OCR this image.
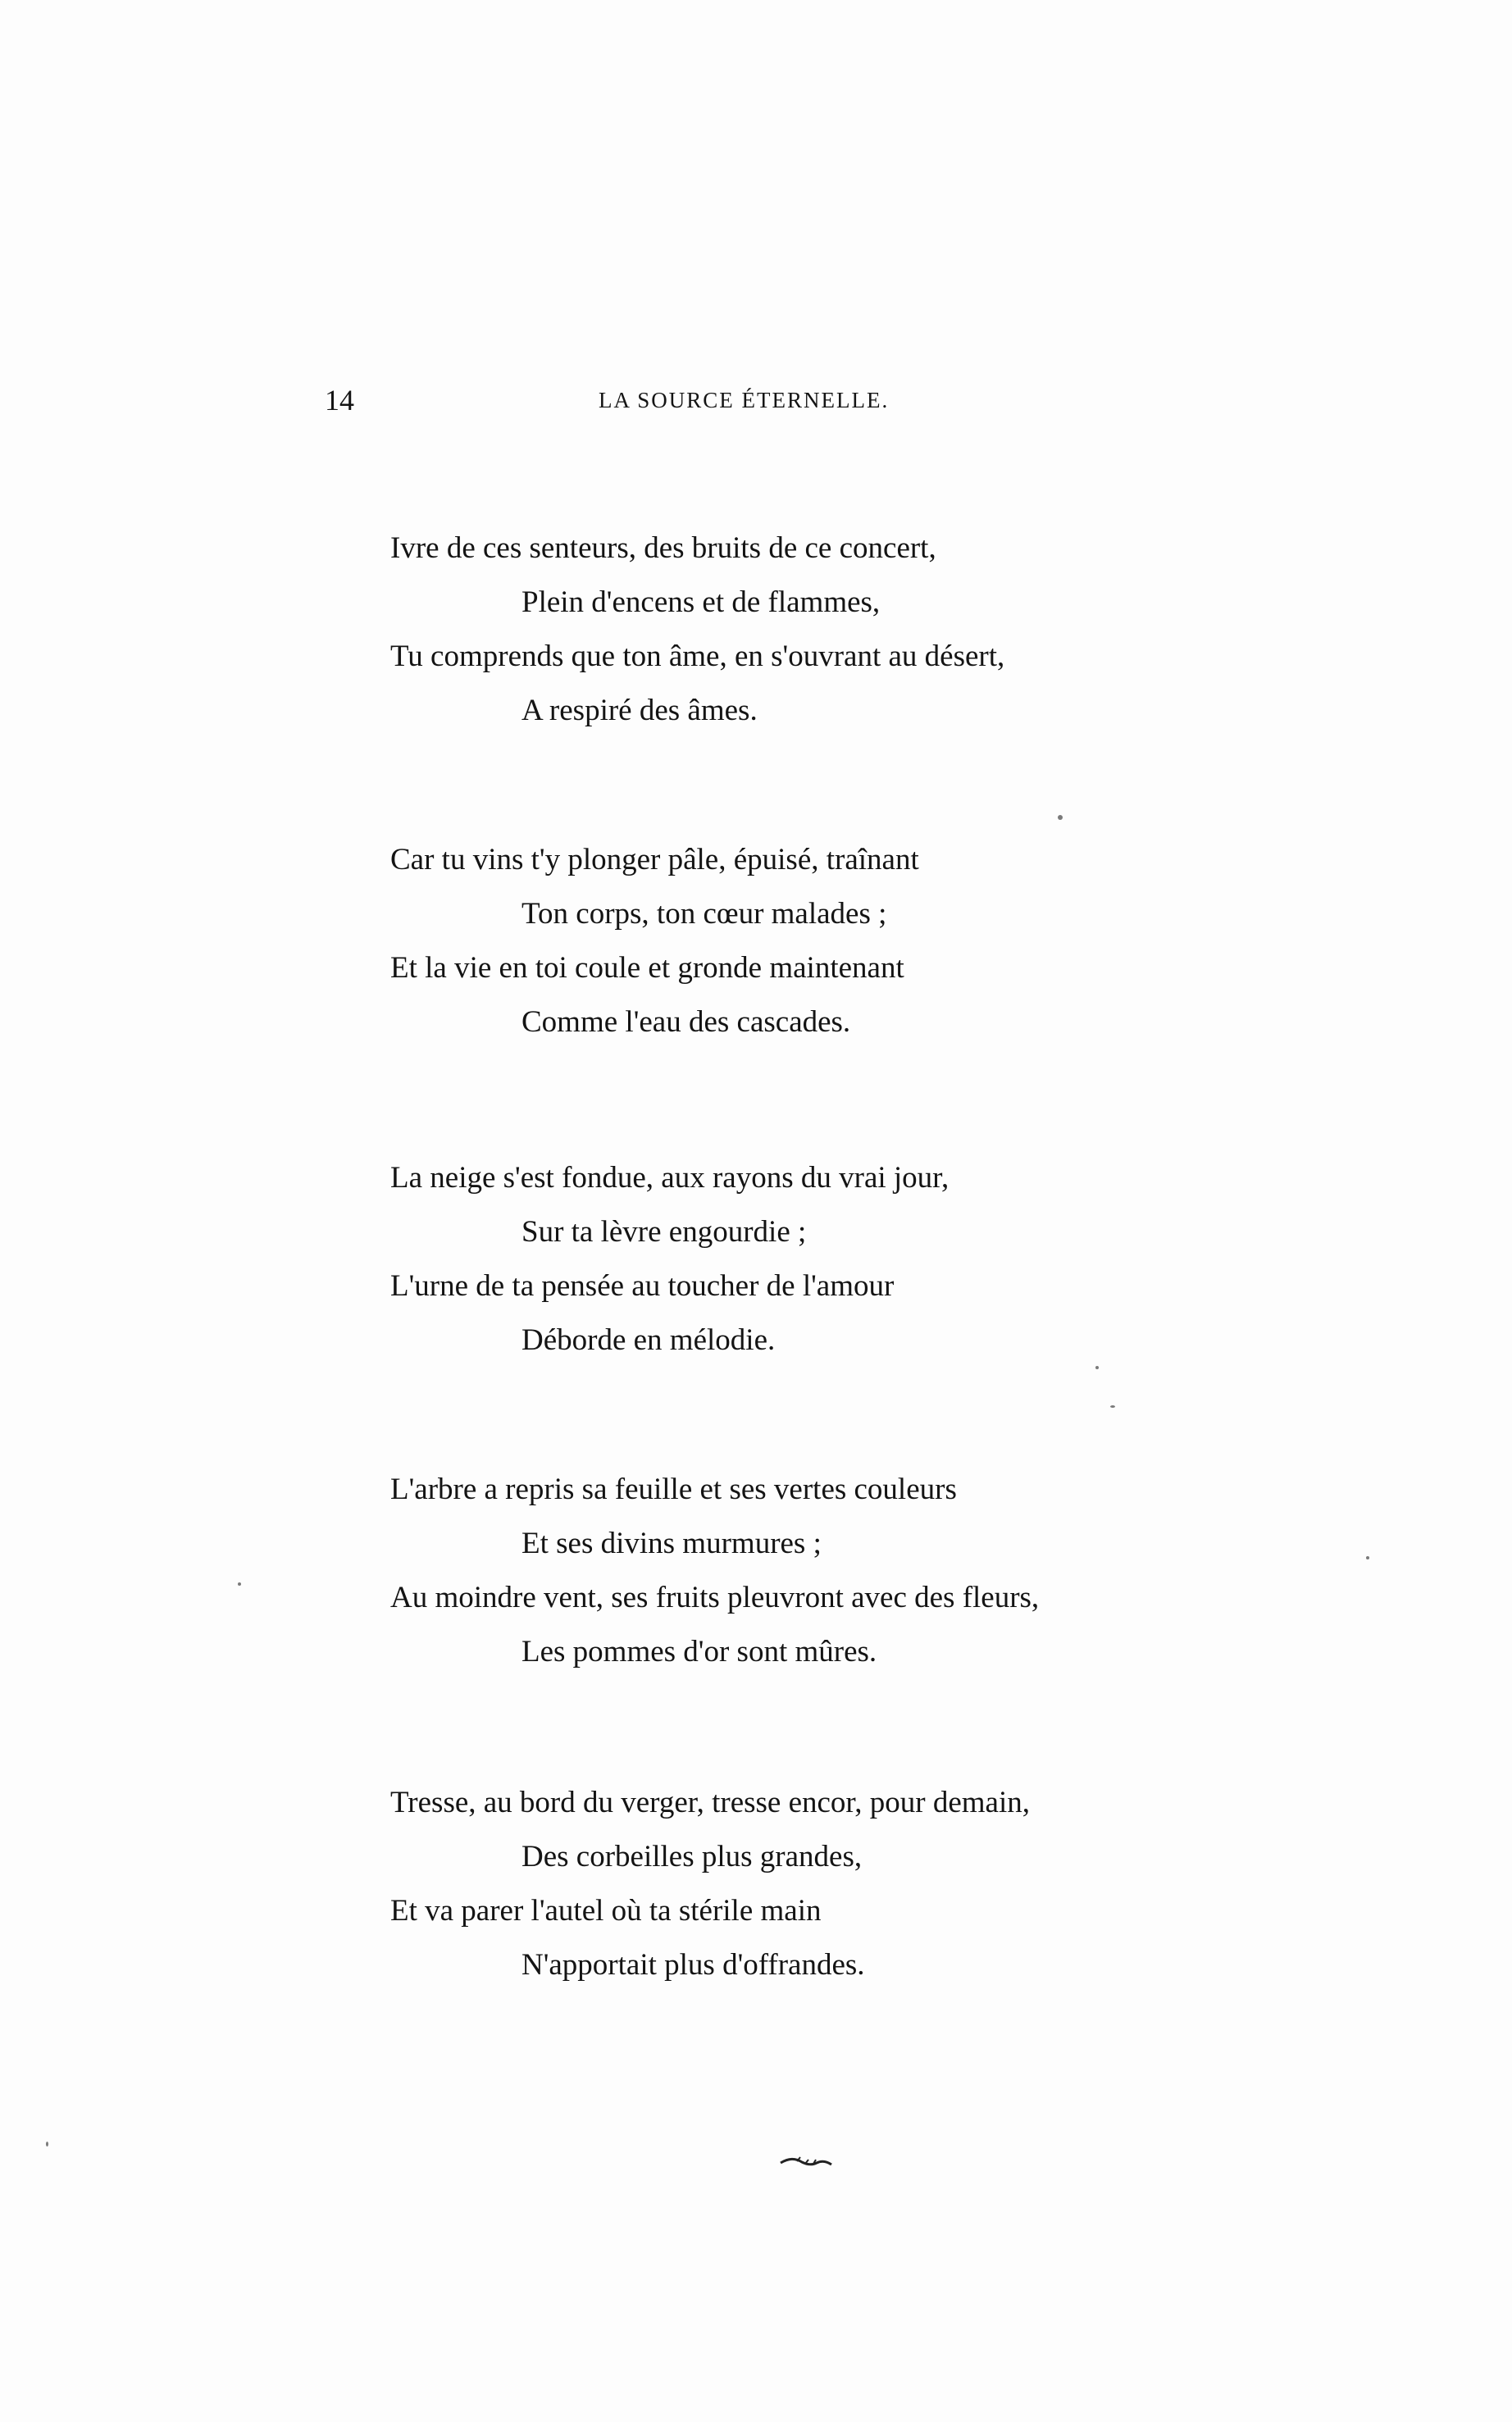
14	LA SOURCE ÉTERNELLE.
Ivre de ces senteurs, des bruits de ce concert,
Plein d'encens et de flammes,
Tu comprends que ton âme, en s'ouvrant au désert,
A respiré des âmes.
Car tu vins t'y plonger pâle, épuisé, traînant
Ton corps, ton cœur malades ;
Et la vie en toi coule et gronde maintenant
Comme l'eau des cascades.
La neige s'est fondue, aux rayons du vrai jour,
Sur ta lèvre engourdie ;
L'urne de ta pensée au toucher de l'amour
Déborde en mélodie.
L'arbre a repris sa feuille et ses vertes couleurs
Et ses divins murmures ;
Au moindre vent, ses fruits pleuvront avec des fleurs,
Les pommes d'or sont mûres.
Tresse, au bord du verger, tresse encor, pour demain,
Des corbeilles plus grandes,
Et va parer l'autel où ta stérile main
N'apportait plus d'offrandes.
